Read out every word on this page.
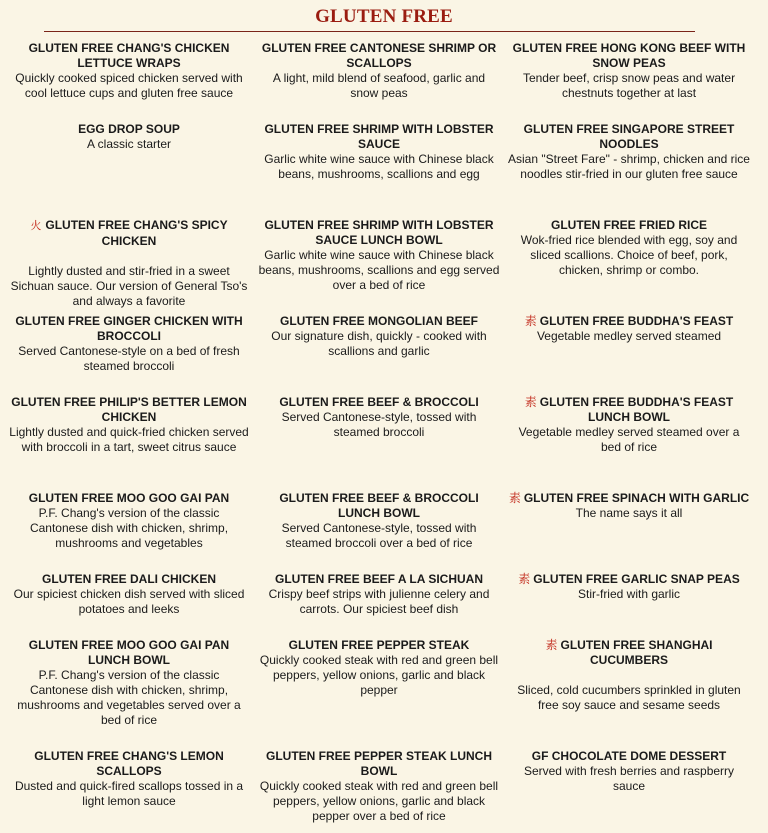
GLUTEN FREE
GLUTEN FREE CHANG'S CHICKEN LETTUCE WRAPS
Quickly cooked spiced chicken served with cool lettuce cups and gluten free sauce
GLUTEN FREE CANTONESE SHRIMP OR SCALLOPS
A light, mild blend of seafood, garlic and snow peas
GLUTEN FREE HONG KONG BEEF WITH SNOW PEAS
Tender beef, crisp snow peas and water chestnuts together at last
EGG DROP SOUP
A classic starter
GLUTEN FREE SHRIMP WITH LOBSTER SAUCE
Garlic white wine sauce with Chinese black beans, mushrooms, scallions and egg
GLUTEN FREE SINGAPORE STREET NOODLES
Asian "Street Fare" - shrimp, chicken and rice noodles stir-fried in our gluten free sauce
火 GLUTEN FREE CHANG'S SPICY CHICKEN
Lightly dusted and stir-fried in a sweet Sichuan sauce. Our version of General Tso's and always a favorite
GLUTEN FREE SHRIMP WITH LOBSTER SAUCE LUNCH BOWL
Garlic white wine sauce with Chinese black beans, mushrooms, scallions and egg served over a bed of rice
GLUTEN FREE FRIED RICE
Wok-fried rice blended with egg, soy and sliced scallions. Choice of beef, pork, chicken, shrimp or combo.
GLUTEN FREE GINGER CHICKEN WITH BROCCOLI
Served Cantonese-style on a bed of fresh steamed broccoli
GLUTEN FREE MONGOLIAN BEEF
Our signature dish, quickly - cooked with scallions and garlic
素 GLUTEN FREE BUDDHA'S FEAST
Vegetable medley served steamed
GLUTEN FREE PHILIP'S BETTER LEMON CHICKEN
Lightly dusted and quick-fried chicken served with broccoli in a tart, sweet citrus sauce
GLUTEN FREE BEEF & BROCCOLI
Served Cantonese-style, tossed with steamed broccoli
素 GLUTEN FREE BUDDHA'S FEAST LUNCH BOWL
Vegetable medley served steamed over a bed of rice
GLUTEN FREE MOO GOO GAI PAN
P.F. Chang's version of the classic Cantonese dish with chicken, shrimp, mushrooms and vegetables
GLUTEN FREE BEEF & BROCCOLI LUNCH BOWL
Served Cantonese-style, tossed with steamed broccoli over a bed of rice
素 GLUTEN FREE SPINACH WITH GARLIC
The name says it all
GLUTEN FREE DALI CHICKEN
Our spiciest chicken dish served with sliced potatoes and leeks
GLUTEN FREE BEEF A LA SICHUAN
Crispy beef strips with julienne celery and carrots. Our spiciest beef dish
素 GLUTEN FREE GARLIC SNAP PEAS
Stir-fried with garlic
GLUTEN FREE MOO GOO GAI PAN LUNCH BOWL
P.F. Chang's version of the classic Cantonese dish with chicken, shrimp, mushrooms and vegetables served over a bed of rice
GLUTEN FREE PEPPER STEAK
Quickly cooked steak with red and green bell peppers, yellow onions, garlic and black pepper
素 GLUTEN FREE SHANGHAI CUCUMBERS
Sliced, cold cucumbers sprinkled in gluten free soy sauce and sesame seeds
GLUTEN FREE CHANG'S LEMON SCALLOPS
Dusted and quick-fired scallops tossed in a light lemon sauce
GLUTEN FREE PEPPER STEAK LUNCH BOWL
Quickly cooked steak with red and green bell peppers, yellow onions, garlic and black pepper over a bed of rice
GF CHOCOLATE DOME DESSERT
Served with fresh berries and raspberry sauce
